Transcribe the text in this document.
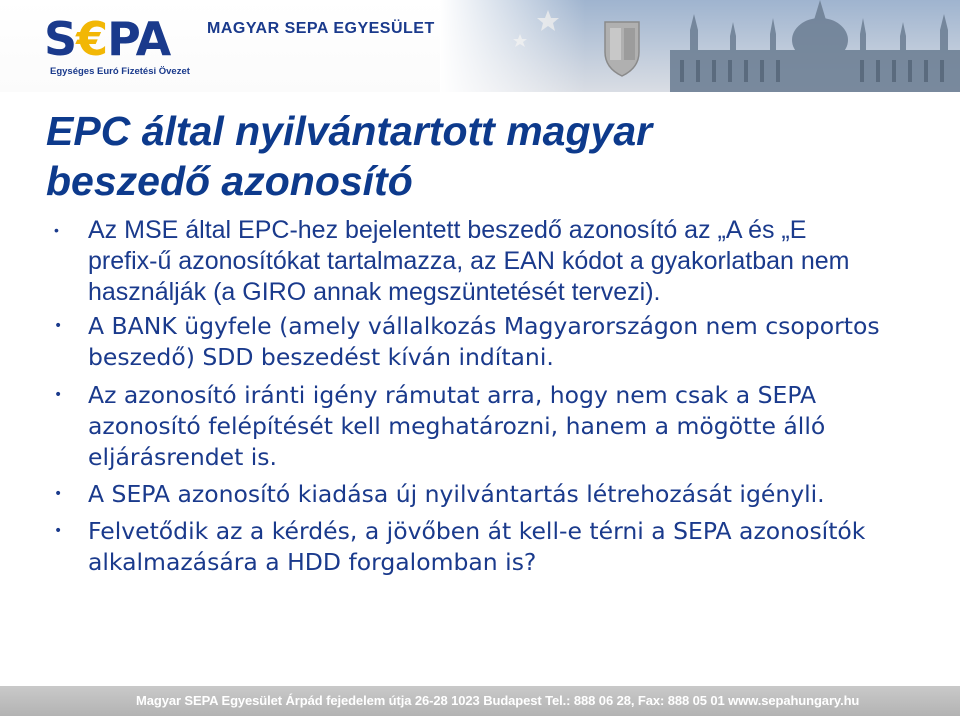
S€PA
Egységes Euró Fizetési Övezet
MAGYAR SEPA EGYESÜLET
EPC által nyilvántartott magyar
beszedő azonosító
• Az MSE által EPC-hez bejelentett beszedő azonosító az „A és „E prefix-ű azonosítókat tartalmazza, az EAN kódot a gyakorlatban nem használják (a GIRO annak megszüntetését tervezi).
• A BANK ügyfele (amely vállalkozás Magyarországon nem csoportos beszedő) SDD beszedést kíván indítani.
• Az azonosító iránti igény rámutat arra, hogy nem csak a SEPA azonosító felépítését kell meghatározni, hanem a mögötte álló eljárásrendet is.
• A SEPA azonosító kiadása új nyilvántartás létrehozását igényli.
• Felvetődik az a kérdés, a jövőben át kell-e térni a SEPA azonosítók alkalmazására a HDD forgalomban is?
Magyar SEPA Egyesület Árpád fejedelem útja 26-28 1023 Budapest Tel.: 888 06 28, Fax: 888 05 01 www.sepahungary.hu
